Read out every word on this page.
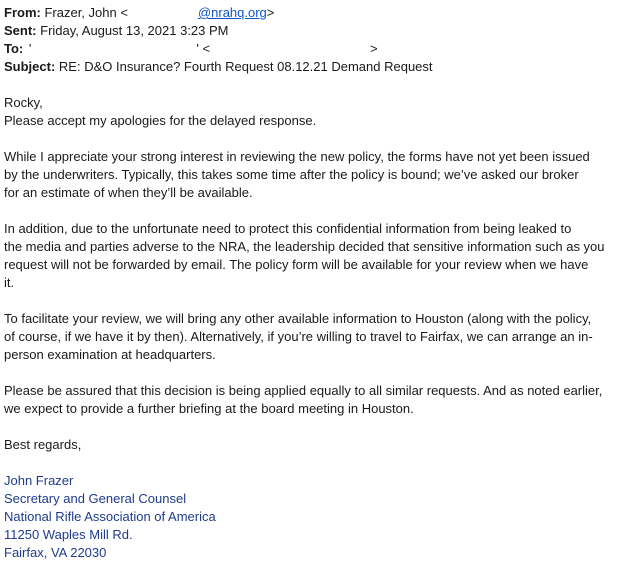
From: Frazer, John <	@nrahq.org>
Sent: Friday, August 13, 2021 3:23 PM
To: '	' <	>
Subject: RE: D&O Insurance? Fourth Request 08.12.21 Demand Request
Rocky,
Please accept my apologies for the delayed response.
While I appreciate your strong interest in reviewing the new policy, the forms have not yet been issued
by the underwriters. Typically, this takes some time after the policy is bound; we’ve asked our broker
for an estimate of when they’ll be available.
In addition, due to the unfortunate need to protect this confidential information from being leaked to
the media and parties adverse to the NRA, the leadership decided that sensitive information such as you
request will not be forwarded by email. The policy form will be available for your review when we have
it.
To facilitate your review, we will bring any other available information to Houston (along with the policy,
of course, if we have it by then). Alternatively, if you’re willing to travel to Fairfax, we can arrange an in-
person examination at headquarters.
Please be assured that this decision is being applied equally to all similar requests. And as noted earlier,
we expect to provide a further briefing at the board meeting in Houston.
Best regards,
John Frazer
Secretary and General Counsel
National Rifle Association of America
11250 Waples Mill Rd.
Fairfax, VA 22030
